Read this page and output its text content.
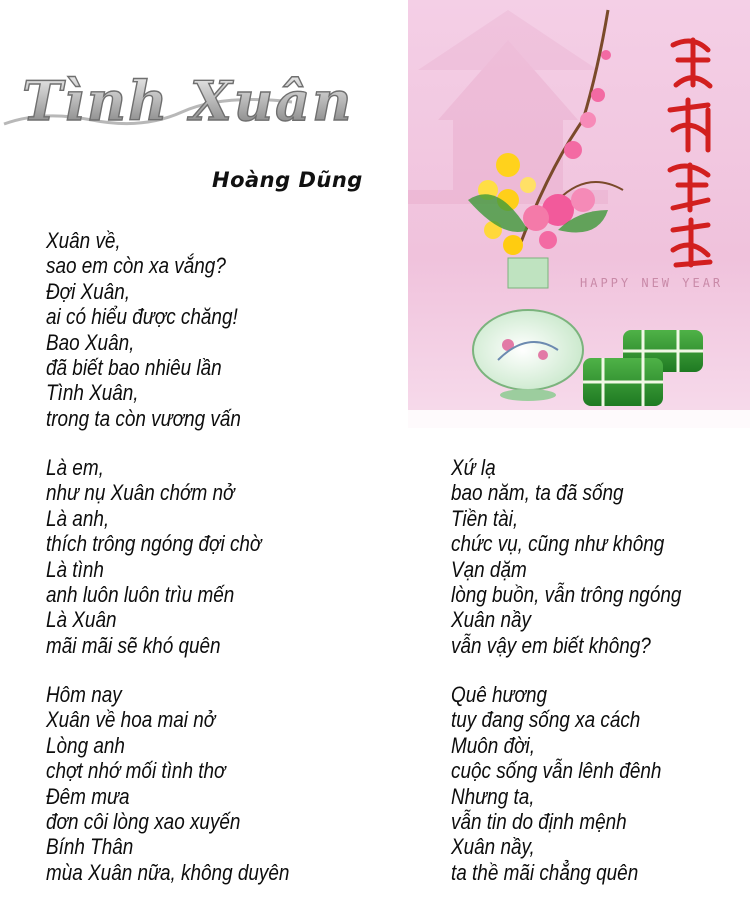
Tình Xuân
Hoàng Dũng
HAPPY NEW YEAR
Xuân về,
sao em còn xa vắng?
Đợi Xuân,
ai có hiểu được chăng!
Bao Xuân,
đã biết bao nhiêu lần
Tình Xuân,
trong ta còn vương vấn
Là em,
như nụ Xuân chớm nở
Là anh,
thích trông ngóng đợi chờ
Là tình
anh luôn luôn trìu mến
Là Xuân
mãi mãi sẽ khó quên
Hôm nay
Xuân về hoa mai nở
Lòng anh
chợt nhớ mối tình thơ
Đêm mưa
đơn côi lòng xao xuyến
Bính Thân
mùa Xuân nữa, không duyên
Xứ lạ
bao năm, ta đã sống
Tiền tài,
chức vụ, cũng như không
Vạn dặm
lòng buồn, vẫn trông ngóng
Xuân nầy
vẫn vậy em biết không?
Quê hương
tuy đang sống xa cách
Muôn đời,
cuộc sống vẫn lênh đênh
Nhưng ta,
vẫn tin do định mệnh
Xuân nầy,
ta thề mãi chẳng quên
